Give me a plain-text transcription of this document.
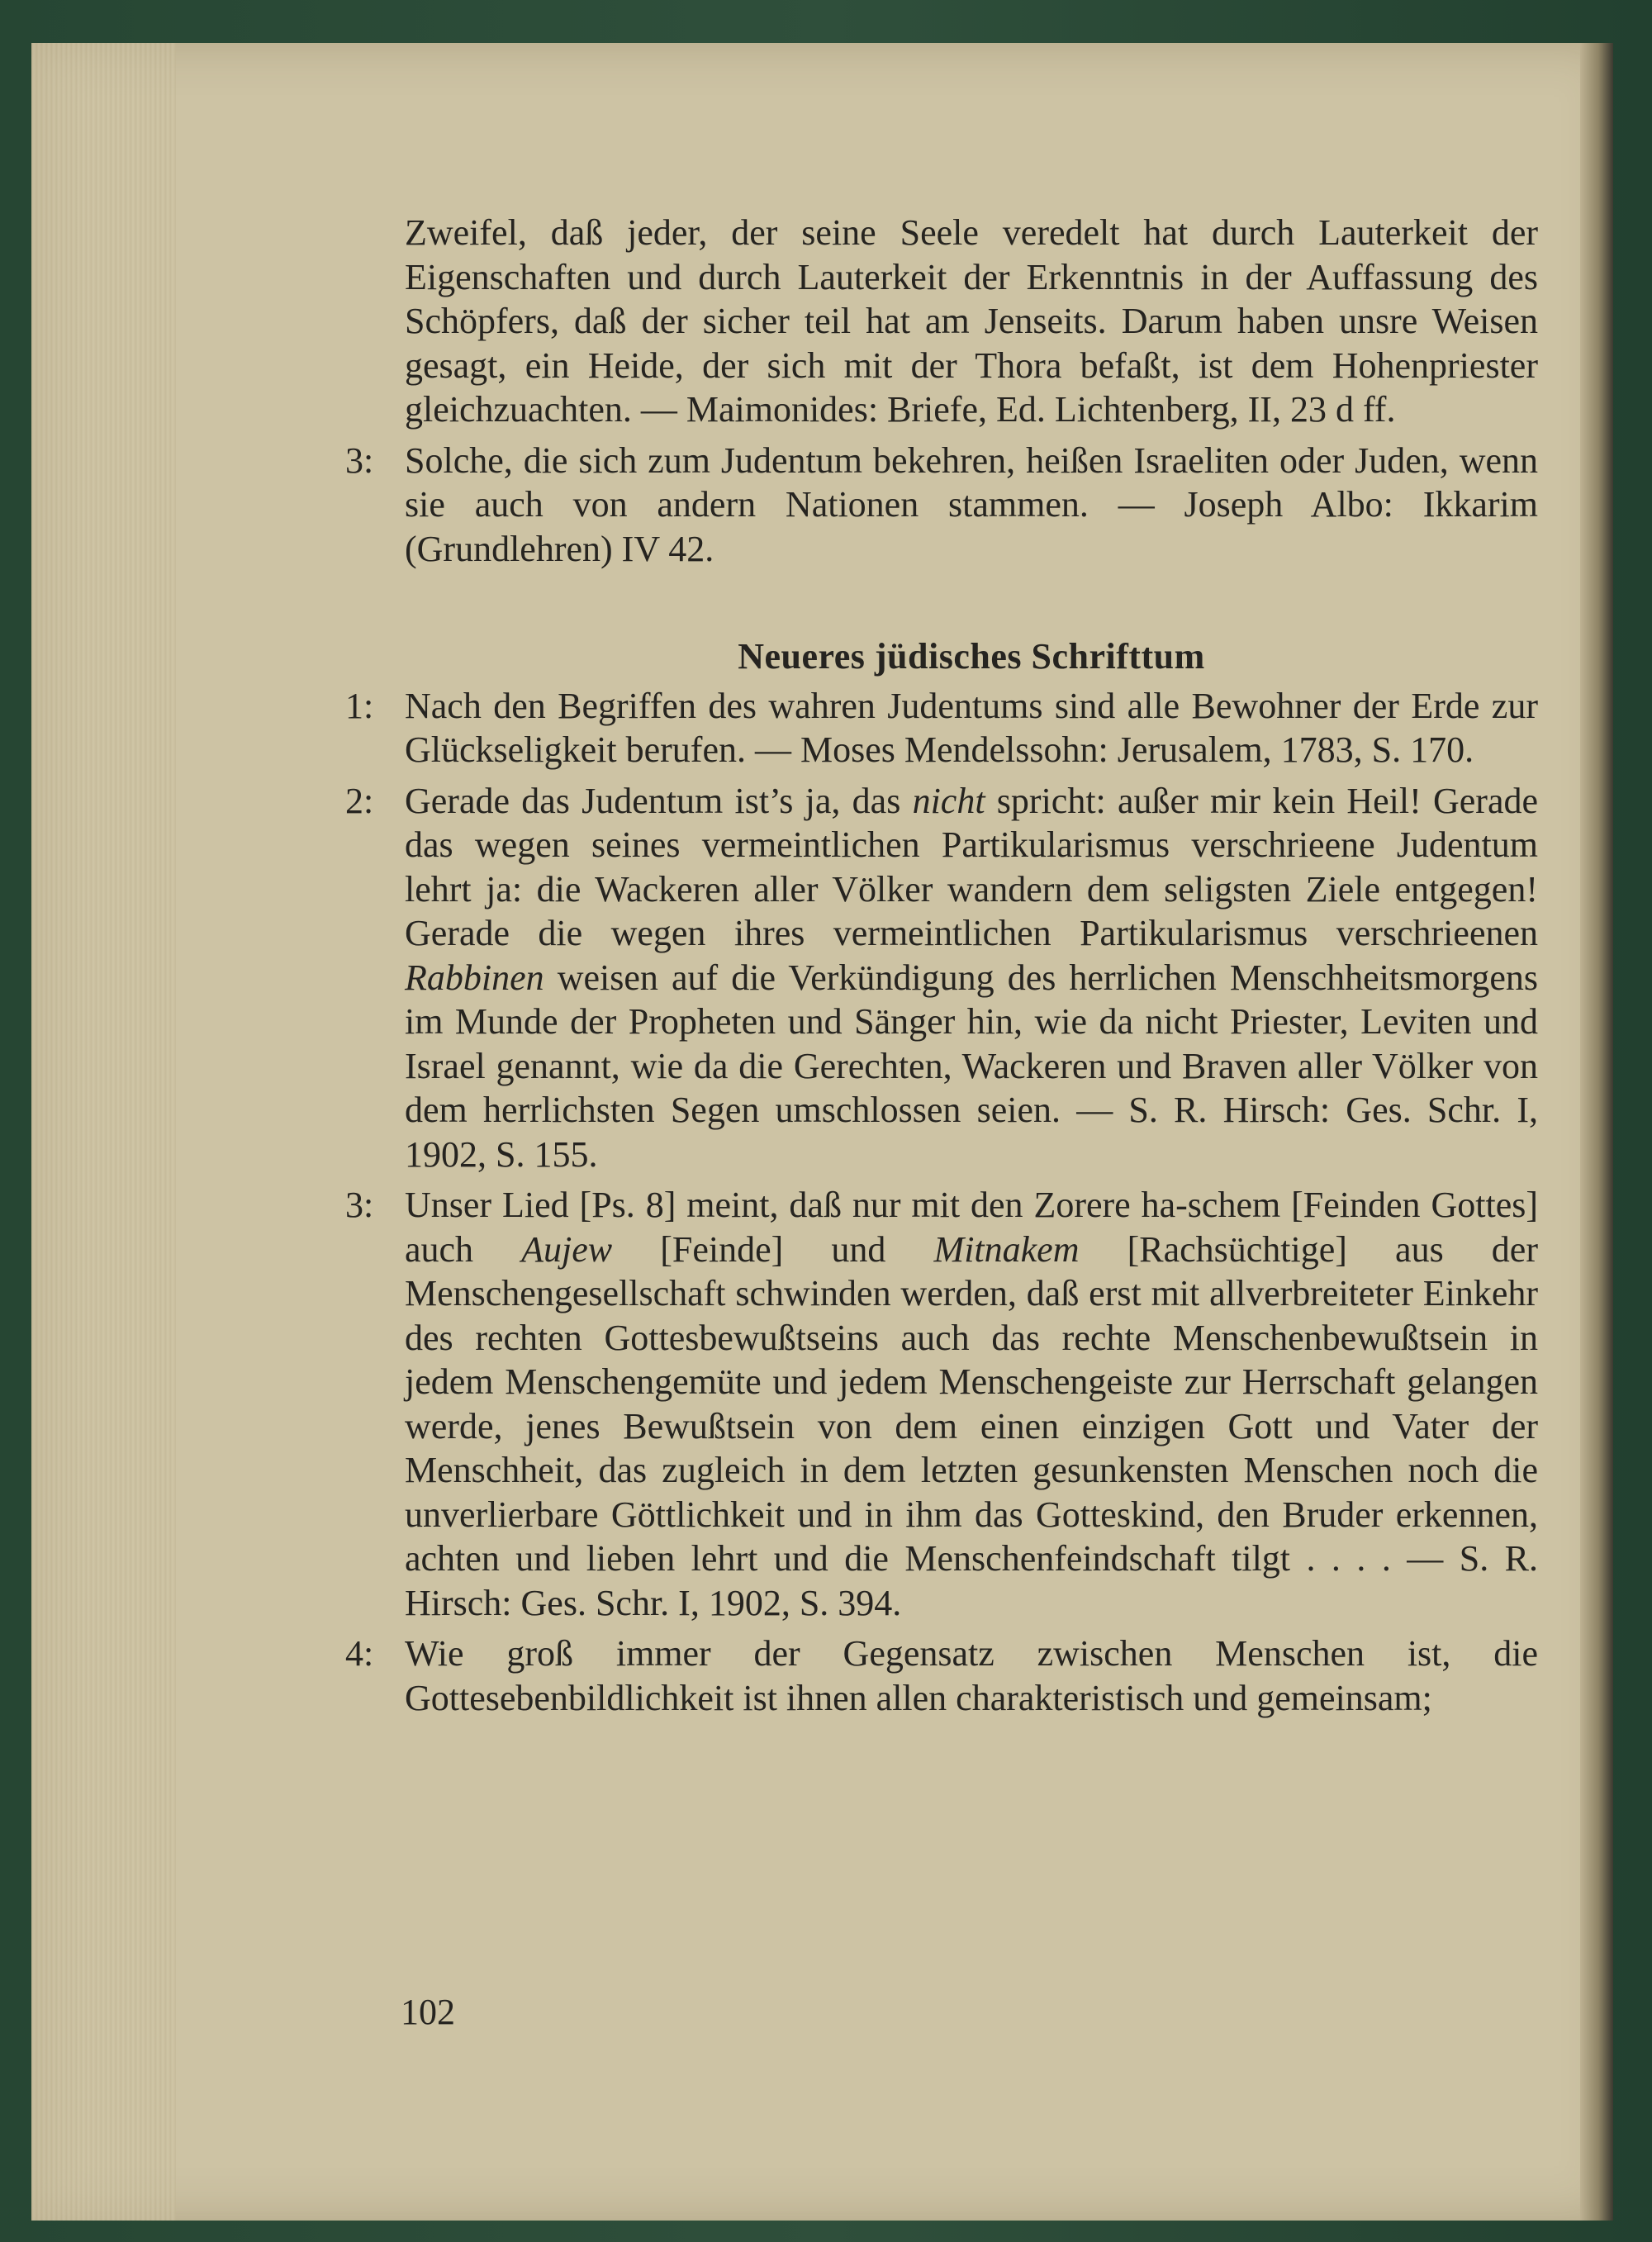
Zweifel, daß jeder, der seine Seele veredelt hat durch Lauterkeit der Eigenschaften und durch Lauterkeit der Erkenntnis in der Auffassung des Schöpfers, daß der sicher teil hat am Jenseits. Darum haben unsre Weisen gesagt, ein Heide, der sich mit der Thora befaßt, ist dem Hohenpriester gleichzuachten. — Maimonides: Briefe, Ed. Lichtenberg, II, 23 d ff.

3: Solche, die sich zum Judentum bekehren, heißen Israeliten oder Juden, wenn sie auch von andern Nationen stammen. — Joseph Albo: Ikkarim (Grundlehren) IV 42.

Neueres jüdisches Schrifttum

1: Nach den Begriffen des wahren Judentums sind alle Bewohner der Erde zur Glückseligkeit berufen. — Moses Mendelssohn: Jerusalem, 1783, S. 170.

2: Gerade das Judentum ist’s ja, das nicht spricht: außer mir kein Heil! Gerade das wegen seines vermeintlichen Partikularismus verschrieene Judentum lehrt ja: die Wackeren aller Völker wandern dem seligsten Ziele entgegen! Gerade die wegen ihres vermeintlichen Partikularismus verschrieenen Rabbinen weisen auf die Verkündigung des herrlichen Menschheitsmorgens im Munde der Propheten und Sänger hin, wie da nicht Priester, Leviten und Israel genannt, wie da die Gerechten, Wackeren und Braven aller Völker von dem herrlichsten Segen umschlossen seien. — S. R. Hirsch: Ges. Schr. I, 1902, S. 155.

3: Unser Lied [Ps. 8] meint, daß nur mit den Zorere ha-schem [Feinden Gottes] auch Aujew [Feinde] und Mitnakem [Rachsüchtige] aus der Menschengesellschaft schwinden werden, daß erst mit allverbreiteter Einkehr des rechten Gottesbewußtseins auch das rechte Menschenbewußtsein in jedem Menschengemüte und jedem Menschengeiste zur Herrschaft gelangen werde, jenes Bewußtsein von dem einen einzigen Gott und Vater der Menschheit, das zugleich in dem letzten gesunkensten Menschen noch die unverlierbare Göttlichkeit und in ihm das Gotteskind, den Bruder erkennen, achten und lieben lehrt und die Menschenfeindschaft tilgt . . . . — S. R. Hirsch: Ges. Schr. I, 1902, S. 394.

4: Wie groß immer der Gegensatz zwischen Menschen ist, die Gottesebenbildlichkeit ist ihnen allen charakteristisch und gemeinsam;

102
